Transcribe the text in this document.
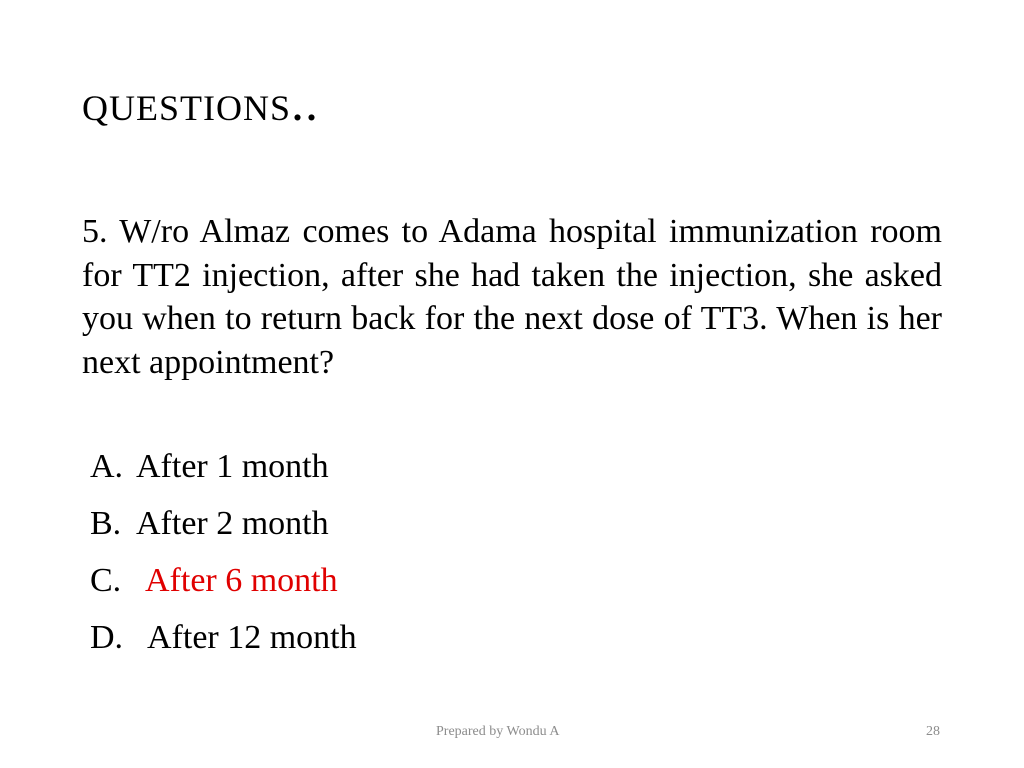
questions..

5. W/ro Almaz comes to Adama hospital immunization room for TT2 injection, after she had taken the injection, she asked you when to return back for the next dose of TT3. When is her next appointment?

A. After 1 month
B. After 2 month
C. After 6 month
D. After 12 month
Prepared by Wondu A	28
